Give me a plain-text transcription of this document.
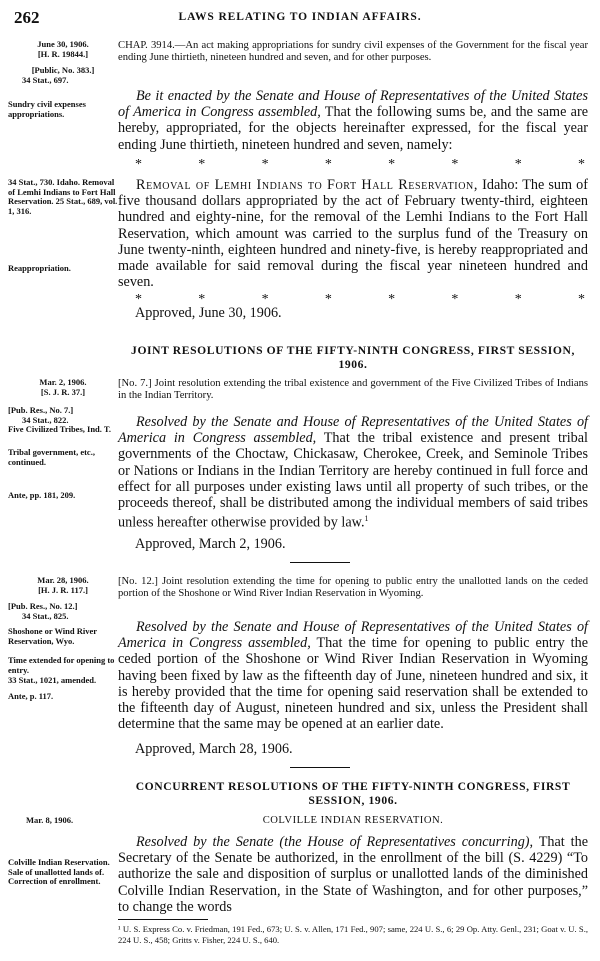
262	LAWS RELATING TO INDIAN AFFAIRS.
June 30, 1906.
[H. R. 19844.]
[Public, No. 383.]
34 Stat., 697.
Sundry civil expenses appropriations.
CHAP. 3914.—An act making appropriations for sundry civil expenses of the Government for the fiscal year ending June thirtieth, nineteen hundred and seven, and for other purposes.
Be it enacted by the Senate and House of Representatives of the United States of America in Congress assembled, That the following sums be, and the same are hereby, appropriated, for the objects hereinafter expressed, for the fiscal year ending June thirtieth, nineteen hundred and seven, namely:
*	*	*	*	*	*	*	*
34 Stat., 730. Idaho. Removal of Lemhi Indians to Fort Hall Reservation. 25 Stat., 689, vol. 1, 316.
Reappropriation.
Removal of Lemhi Indians to Fort Hall Reservation, Idaho: The sum of five thousand dollars appropriated by the act of February twenty-third, eighteen hundred and eighty-nine, for the removal of the Lemhi Indians to the Fort Hall Reservation, which amount was carried to the surplus fund of the Treasury on June twenty-ninth, eighteen hundred and ninety-five, is hereby reappropriated and made available for said removal during the fiscal year nineteen hundred and seven.
*	*	*	*	*	*	*	*
Approved, June 30, 1906.
JOINT RESOLUTIONS OF THE FIFTY-NINTH CONGRESS, FIRST SESSION, 1906.
Mar. 2, 1906.
[S. J. R. 37.]
[Pub. Res., No. 7.]
34 Stat., 822.
Five Civilized Tribes, Ind. T.
Tribal government, etc., continued.
Ante, pp. 181, 209.
[No. 7.] Joint resolution extending the tribal existence and government of the Five Civilized Tribes of Indians in the Indian Territory.
Resolved by the Senate and House of Representatives of the United States of America in Congress assembled, That the tribal existence and present tribal governments of the Choctaw, Chickasaw, Cherokee, Creek, and Seminole Tribes or Nations or Indians in the Indian Territory are hereby continued in full force and effect for all purposes under existing laws until all property of such tribes, or the proceeds thereof, shall be distributed among the individual members of said tribes unless hereafter otherwise provided by law.$^1$
Approved, March 2, 1906.
Mar. 28, 1906.
[H. J. R. 117.]
[Pub. Res., No. 12.]
34 Stat., 825.
Shoshone or Wind River Reservation, Wyo.
Time extended for opening to entry.
33 Stat., 1021, amended.
Ante, p. 117.
[No. 12.] Joint resolution extending the time for opening to public entry the unallotted lands on the ceded portion of the Shoshone or Wind River Indian Reservation in Wyoming.
Resolved by the Senate and House of Representatives of the United States of America in Congress assembled, That the time for opening to public entry the ceded portion of the Shoshone or Wind River Indian Reservation in Wyoming having been fixed by law as the fifteenth day of June, nineteen hundred and six, it is hereby provided that the time for opening said reservation shall be extended to the fifteenth day of August, nineteen hundred and six, unless the President shall determine that the same may be opened at an earlier date.
Approved, March 28, 1906.
CONCURRENT RESOLUTIONS OF THE FIFTY-NINTH CONGRESS, FIRST SESSION, 1906.
Mar. 8, 1906.	COLVILLE INDIAN RESERVATION.
Colville Indian Reservation. Sale of unallotted lands of. Correction of enrollment.
Resolved by the Senate (the House of Representatives concurring), That the Secretary of the Senate be authorized, in the enrollment of the bill (S. 4229) “To authorize the sale and disposition of surplus or unallotted lands of the diminished Colville Indian Reservation, in the State of Washington, and for other purposes,” to change the words
¹ U. S. Express Co. v. Friedman, 191 Fed., 673; U. S. v. Allen, 171 Fed., 907; same, 224 U. S., 6; 29 Op. Atty. Genl., 231; Goat v. U. S., 224 U. S., 458; Gritts v. Fisher, 224 U. S., 640.
